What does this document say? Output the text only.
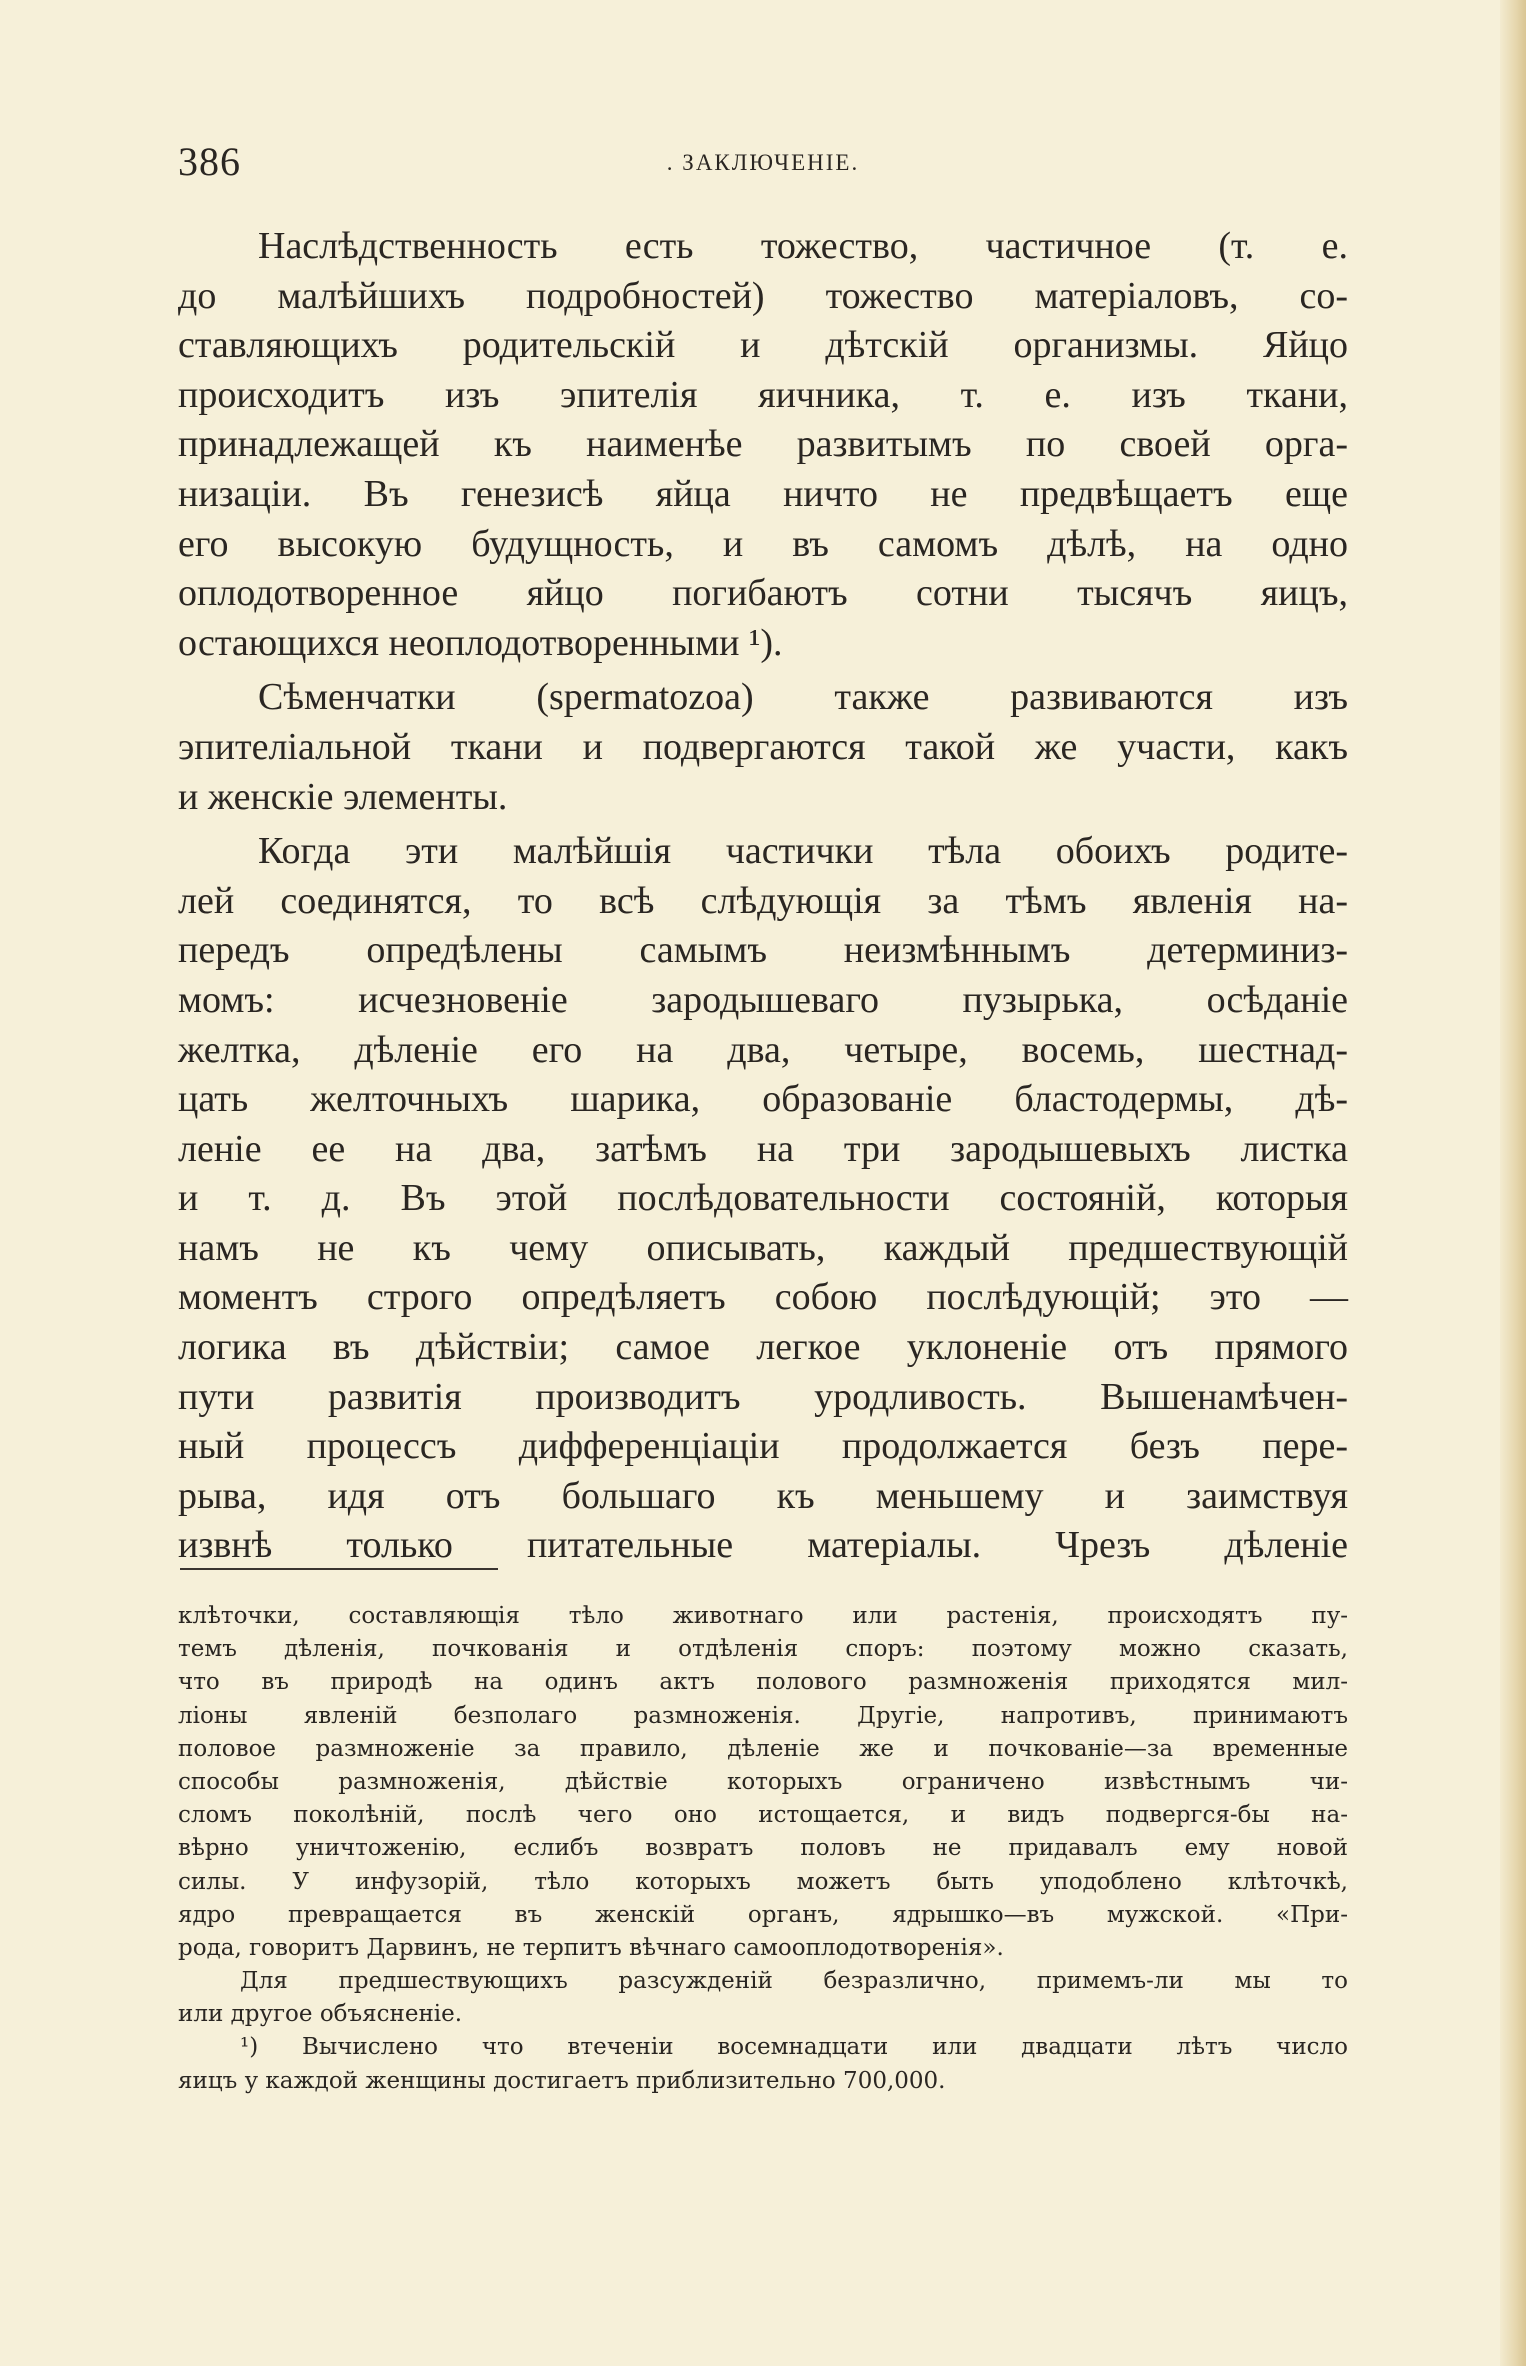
386	. ЗАКЛЮЧЕНІЕ.
Наслѣдственность есть тожество, частичное (т. е.
до малѣйшихъ подробностей) тожество матеріаловъ, со-
ставляющихъ родительскій и дѣтскій организмы. Яйцо
происходитъ изъ эпителія яичника, т. е. изъ ткани,
принадлежащей къ наименѣе развитымъ по своей орга-
низаціи. Въ генезисѣ яйца ничто не предвѣщаетъ еще
его высокую будущность, и въ самомъ дѣлѣ, на одно
оплодотворенное яйцо погибаютъ сотни тысячъ яицъ,
остающихся неоплодотворенными ¹).
Сѣменчатки (spermatozoa) также развиваются изъ
эпителіальной ткани и подвергаются такой же участи, какъ
и женскіе элементы.
Когда эти малѣйшія частички тѣла обоихъ родите-
лей соединятся, то всѣ слѣдующія за тѣмъ явленія на-
передъ опредѣлены самымъ неизмѣннымъ детерминиз-
момъ: исчезновеніе зародышеваго пузырька, осѣданіе
желтка, дѣленіе его на два, четыре, восемь, шестнад-
цать желточныхъ шарика, образованіе бластодермы, дѣ-
леніе ее на два, затѣмъ на три зародышевыхъ листка
и т. д. Въ этой послѣдовательности состояній, которыя
намъ не къ чему описывать, каждый предшествующій
моментъ строго опредѣляетъ собою послѣдующій; это —
логика въ дѣйствіи; самое легкое уклоненіе отъ прямого
пути развитія производитъ уродливость. Вышенамѣчен-
ный процессъ дифференціаціи продолжается безъ пере-
рыва, идя отъ большаго къ меньшему и заимствуя
извнѣ только питательные матеріалы. Чрезъ дѣленіе
клѣточки, составляющія тѣло животнаго или растенія, происходятъ пу-
темъ дѣленія, почкованія и отдѣленія споръ: поэтому можно сказать,
что въ природѣ на одинъ актъ полового размноженія приходятся мил-
ліоны явленій безполаго размноженія. Другіе, напротивъ, принимаютъ
половое размноженіе за правило, дѣленіе же и почкованіе—за временные
способы размноженія, дѣйствіе которыхъ ограничено извѣстнымъ чи-
сломъ поколѣній, послѣ чего оно истощается, и видъ подвергся-бы на-
вѣрно уничтоженію, еслибъ возвратъ половъ не придавалъ ему новой
силы. У инфузорій, тѣло которыхъ можетъ быть уподоблено клѣточкѣ,
ядро превращается въ женскій органъ, ядрышко—въ мужской. «При-
рода, говоритъ Дарвинъ, не терпитъ вѣчнаго самооплодотворенія».
Для предшествующихъ разсужденій безразлично, примемъ-ли мы то
или другое объясненіе.
¹) Вычислено что втеченіи восемнадцати или двадцати лѣтъ число
яицъ у каждой женщины достигаетъ приблизительно 700,000.
